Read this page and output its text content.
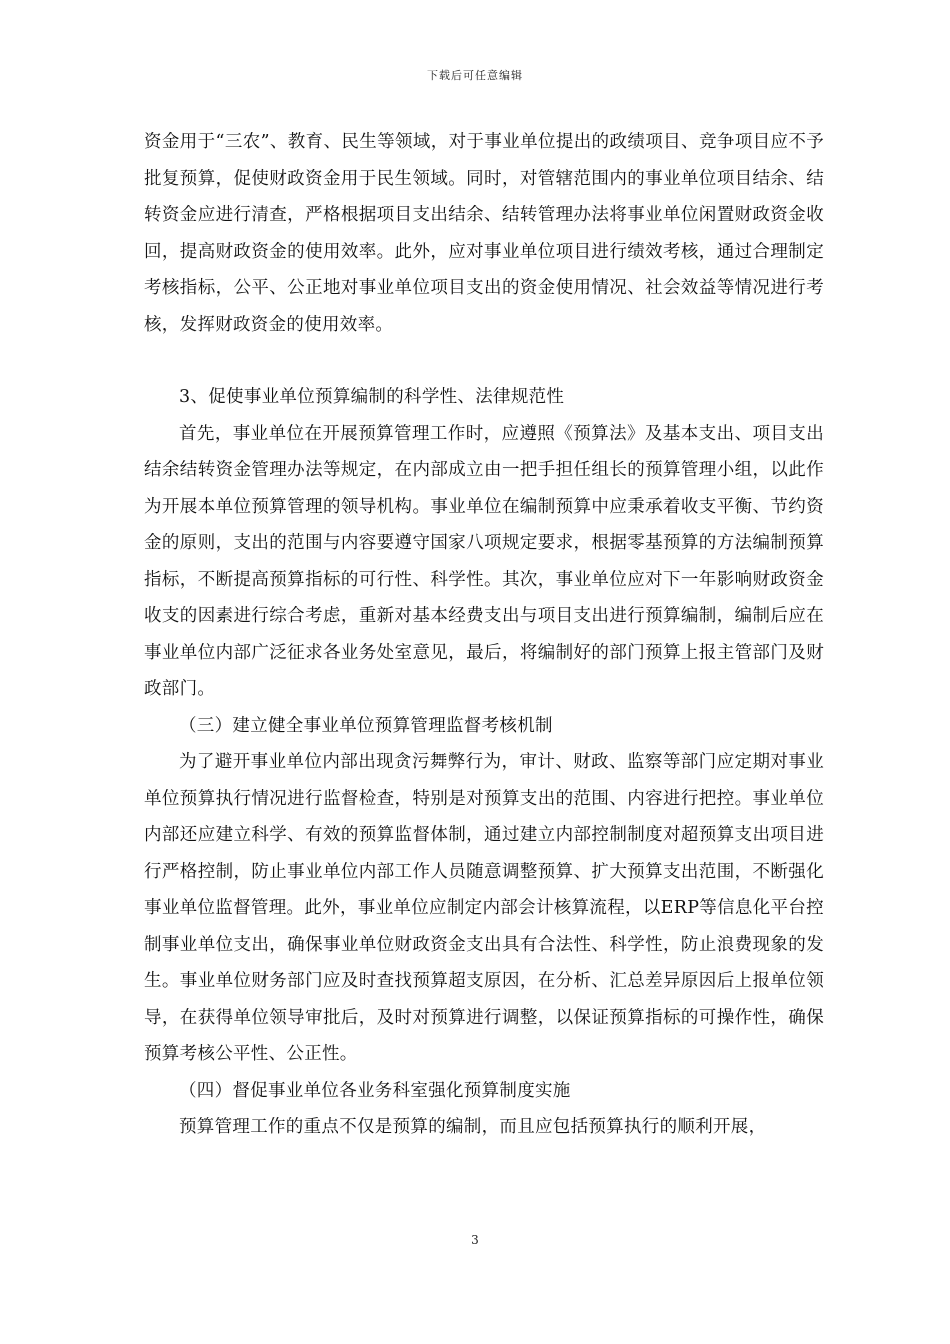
下载后可任意编辑

资金用于“三农”、教育、民生等领域，对于事业单位提出的政绩项目、竞争项目应不予批复预算，促使财政资金用于民生领域。同时，对管辖范围内的事业单位项目结余、结转资金应进行清查，严格根据项目支出结余、结转管理办法将事业单位闲置财政资金收回，提高财政资金的使用效率。此外，应对事业单位项目进行绩效考核，通过合理制定考核指标，公平、公正地对事业单位项目支出的资金使用情况、社会效益等情况进行考核，发挥财政资金的使用效率。

3、促使事业单位预算编制的科学性、法律规范性

首先，事业单位在开展预算管理工作时，应遵照《预算法》及基本支出、项目支出结余结转资金管理办法等规定，在内部成立由一把手担任组长的预算管理小组，以此作为开展本单位预算管理的领导机构。事业单位在编制预算中应秉承着收支平衡、节约资金的原则，支出的范围与内容要遵守国家八项规定要求，根据零基预算的方法编制预算指标，不断提高预算指标的可行性、科学性。其次，事业单位应对下一年影响财政资金收支的因素进行综合考虑，重新对基本经费支出与项目支出进行预算编制，编制后应在事业单位内部广泛征求各业务处室意见，最后，将编制好的部门预算上报主管部门及财政部门。

（三）建立健全事业单位预算管理监督考核机制

为了避开事业单位内部出现贪污舞弊行为，审计、财政、监察等部门应定期对事业单位预算执行情况进行监督检查，特别是对预算支出的范围、内容进行把控。事业单位内部还应建立科学、有效的预算监督体制，通过建立内部控制制度对超预算支出项目进行严格控制，防止事业单位内部工作人员随意调整预算、扩大预算支出范围，不断强化事业单位监督管理。此外，事业单位应制定内部会计核算流程，以ERP等信息化平台控制事业单位支出，确保事业单位财政资金支出具有合法性、科学性，防止浪费现象的发生。事业单位财务部门应及时查找预算超支原因，在分析、汇总差异原因后上报单位领导，在获得单位领导审批后，及时对预算进行调整，以保证预算指标的可操作性，确保预算考核公平性、公正性。

（四）督促事业单位各业务科室强化预算制度实施

预算管理工作的重点不仅是预算的编制，而且应包括预算执行的顺利开展，

3
